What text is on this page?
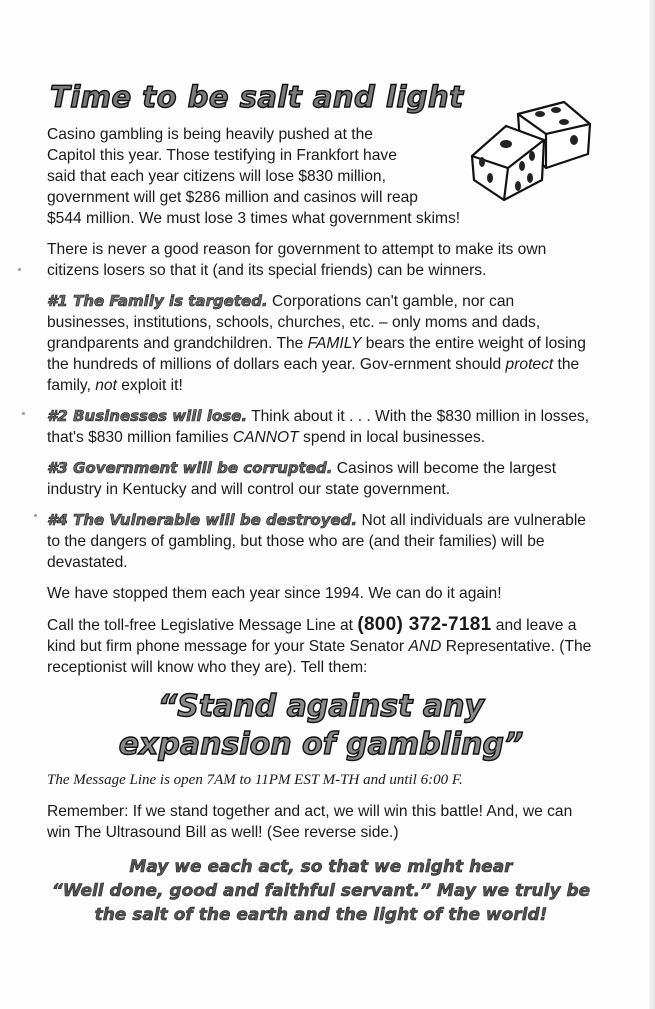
Time to be salt and light

Casino gambling is being heavily pushed at the

Capitol this year. Those testifying in Frankfort have

said that each year citizens will lose $830 million,

government will get $286 million and casinos will reap

$544 million. We must lose 3 times what government skims!

There is never a good reason for government to attempt to make its own citizens losers so that it (and its special friends) can be winners.

#1 The Family is targeted. Corporations can't gamble, nor can businesses, institutions, schools, churches, etc. – only moms and dads, grandparents and grandchildren. The FAMILY bears the entire weight of losing the hundreds of millions of dollars each year. Gov-ernment should protect the family, not exploit it!

#2 Businesses will lose. Think about it . . . With the $830 million in losses, that's $830 million families CANNOT spend in local businesses.

#3 Government will be corrupted. Casinos will become the largest industry in Kentucky and will control our state government.

#4 The Vulnerable will be destroyed. Not all individuals are vulnerable to the dangers of gambling, but those who are (and their families) will be devastated.

We have stopped them each year since 1994. We can do it again!

Call the toll-free Legislative Message Line at (800) 372-7181 and leave a kind but firm phone message for your State Senator AND Representative. (The receptionist will know who they are). Tell them:

“Stand against any
expansion of gambling”

The Message Line is open 7AM to 11PM EST M-TH and until 6:00 F.

Remember: If we stand together and act, we will win this battle! And, we can win The Ultrasound Bill as well! (See reverse side.)

May we each act, so that we might hear
“Well done, good and faithful servant.” May we truly be
the salt of the earth and the light of the world!
